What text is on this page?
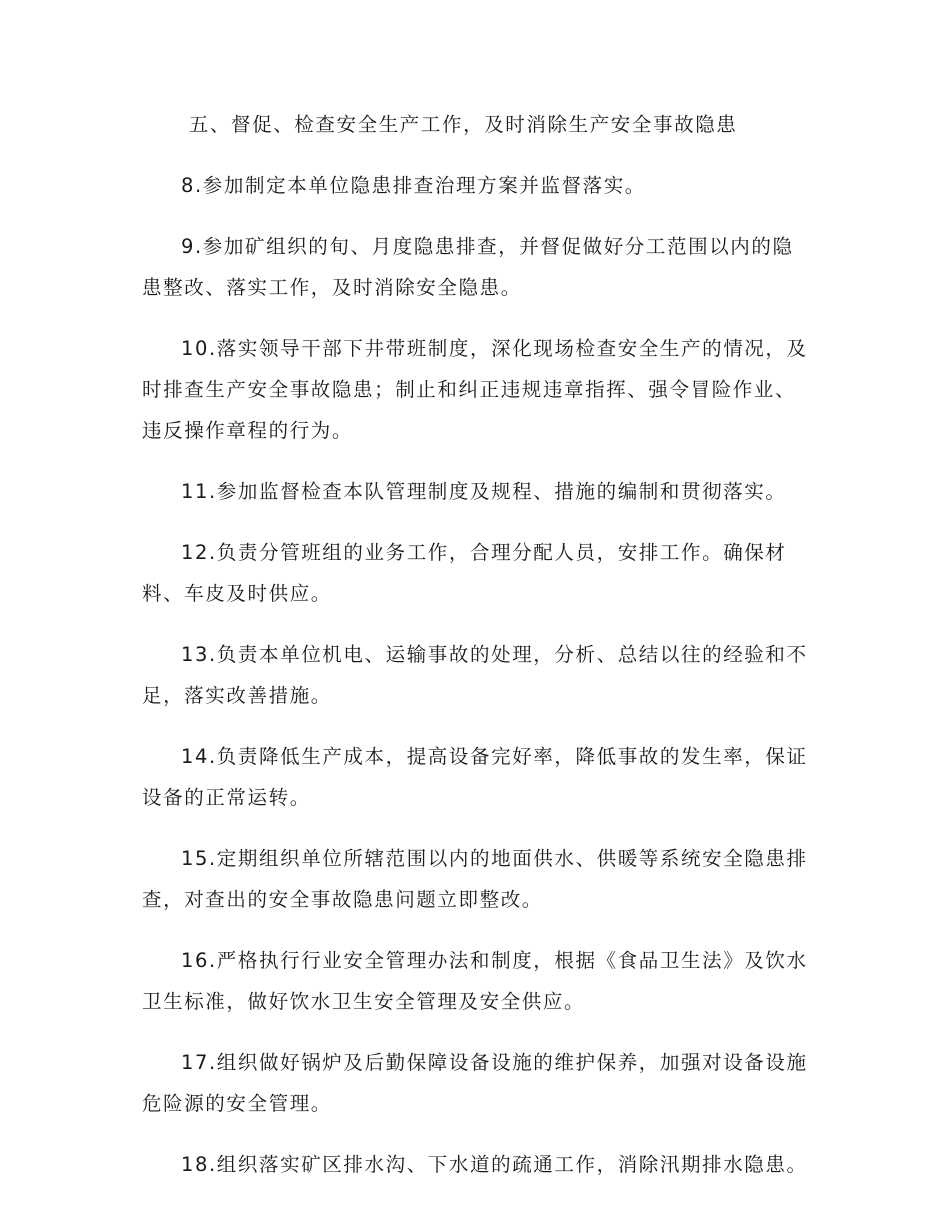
五、督促、检查安全生产工作，及时消除生产安全事故隐患

8.参加制定本单位隐患排查治理方案并监督落实。

9.参加矿组织的旬、月度隐患排查，并督促做好分工范围以内的隐患整改、落实工作，及时消除安全隐患。

10.落实领导干部下井带班制度，深化现场检查安全生产的情况，及时排查生产安全事故隐患；制止和纠正违规违章指挥、强令冒险作业、违反操作章程的行为。

11.参加监督检查本队管理制度及规程、措施的编制和贯彻落实。

12.负责分管班组的业务工作，合理分配人员，安排工作。确保材料、车皮及时供应。

13.负责本单位机电、运输事故的处理，分析、总结以往的经验和不足，落实改善措施。

14.负责降低生产成本，提高设备完好率，降低事故的发生率，保证设备的正常运转。

15.定期组织单位所辖范围以内的地面供水、供暖等系统安全隐患排查，对查出的安全事故隐患问题立即整改。

16.严格执行行业安全管理办法和制度，根据《食品卫生法》及饮水卫生标准，做好饮水卫生安全管理及安全供应。

17.组织做好锅炉及后勤保障设备设施的维护保养，加强对设备设施危险源的安全管理。

18.组织落实矿区排水沟、下水道的疏通工作，消除汛期排水隐患。
